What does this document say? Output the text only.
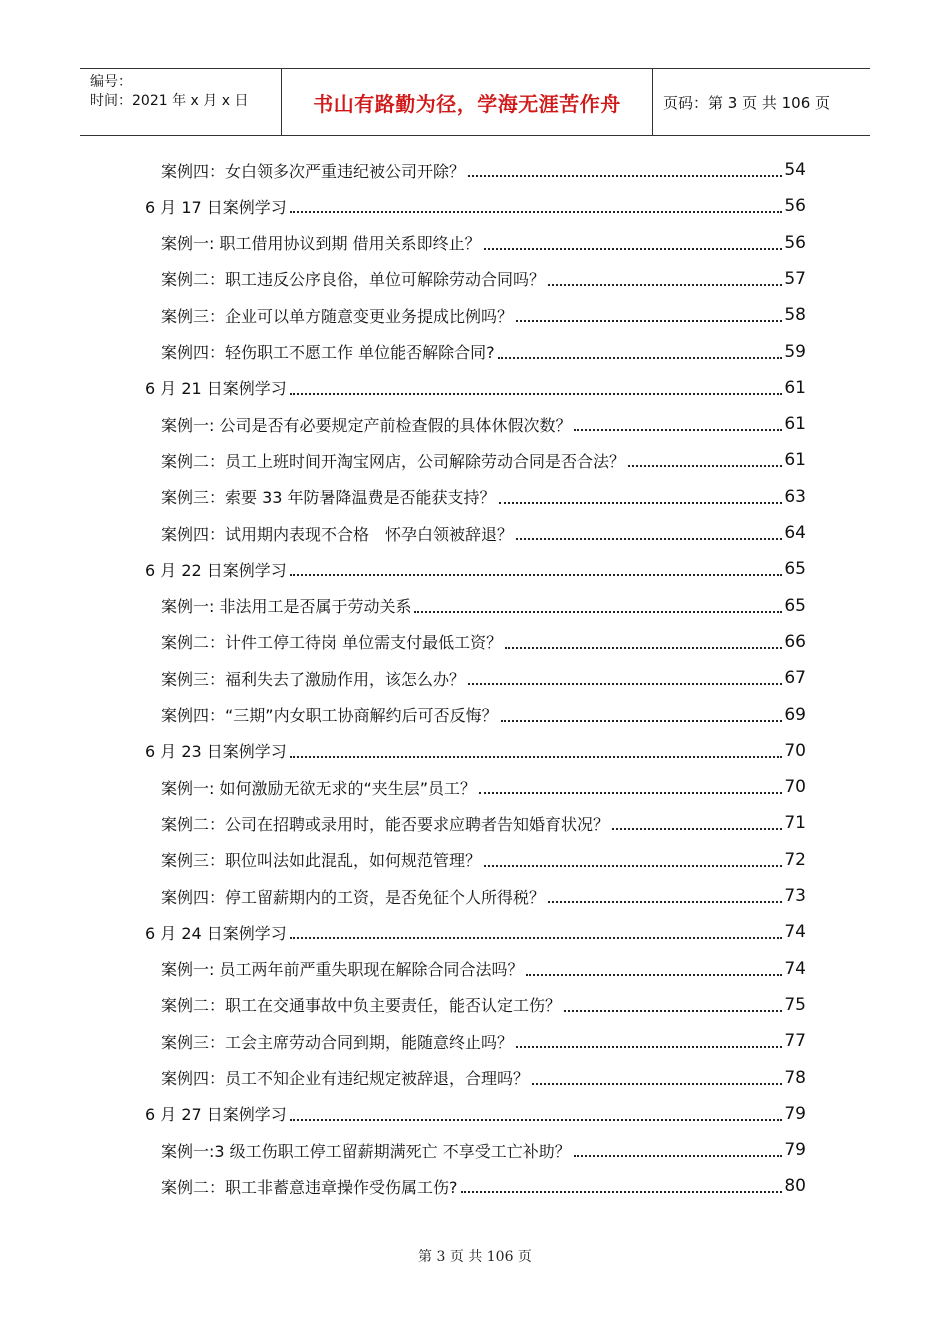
编号：
时间：2021 年 x 月 x 日	书山有路勤为径，学海无涯苦作舟	页码：第 3 页 共 106 页
案例四：女白领多次严重违纪被公司开除？	54
6 月 17 日案例学习	56
案例一: 职工借用协议到期 借用关系即终止？	56
案例二：职工违反公序良俗，单位可解除劳动合同吗？	57
案例三：企业可以单方随意变更业务提成比例吗？	58
案例四：轻伤职工不愿工作 单位能否解除合同?	59
6 月 21 日案例学习	61
案例一: 公司是否有必要规定产前检查假的具体休假次数？	61
案例二：员工上班时间开淘宝网店，公司解除劳动合同是否合法？	61
案例三：索要 33 年防暑降温费是否能获支持？	63
案例四：试用期内表现不合格　怀孕白领被辞退？	64
6 月 22 日案例学习	65
案例一: 非法用工是否属于劳动关系	65
案例二：计件工停工待岗 单位需支付最低工资？	66
案例三：福利失去了激励作用，该怎么办？	67
案例四：“三期”内女职工协商解约后可否反悔？	69
6 月 23 日案例学习	70
案例一: 如何激励无欲无求的“夹生层”员工？	70
案例二：公司在招聘或录用时，能否要求应聘者告知婚育状况？	71
案例三：职位叫法如此混乱，如何规范管理？	72
案例四：停工留薪期内的工资，是否免征个人所得税？	73
6 月 24 日案例学习	74
案例一: 员工两年前严重失职现在解除合同合法吗？	74
案例二：职工在交通事故中负主要责任，能否认定工伤？	75
案例三：工会主席劳动合同到期，能随意终止吗？	77
案例四：员工不知企业有违纪规定被辞退，合理吗？	78
6 月 27 日案例学习	79
案例一:3 级工伤职工停工留薪期满死亡 不享受工亡补助？	79
案例二：职工非蓄意违章操作受伤属工伤?	80
第 3 页 共 106 页
